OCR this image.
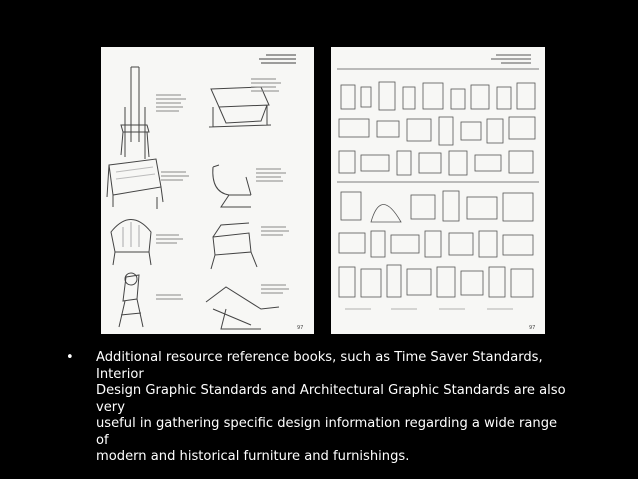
97	97
•	Additional resource reference books, such as Time Saver Standards, Interior
Design Graphic Standards and Architectural Graphic Standards are also very
useful in gathering specific design information regarding a wide range of
modern and historical furniture and furnishings.
